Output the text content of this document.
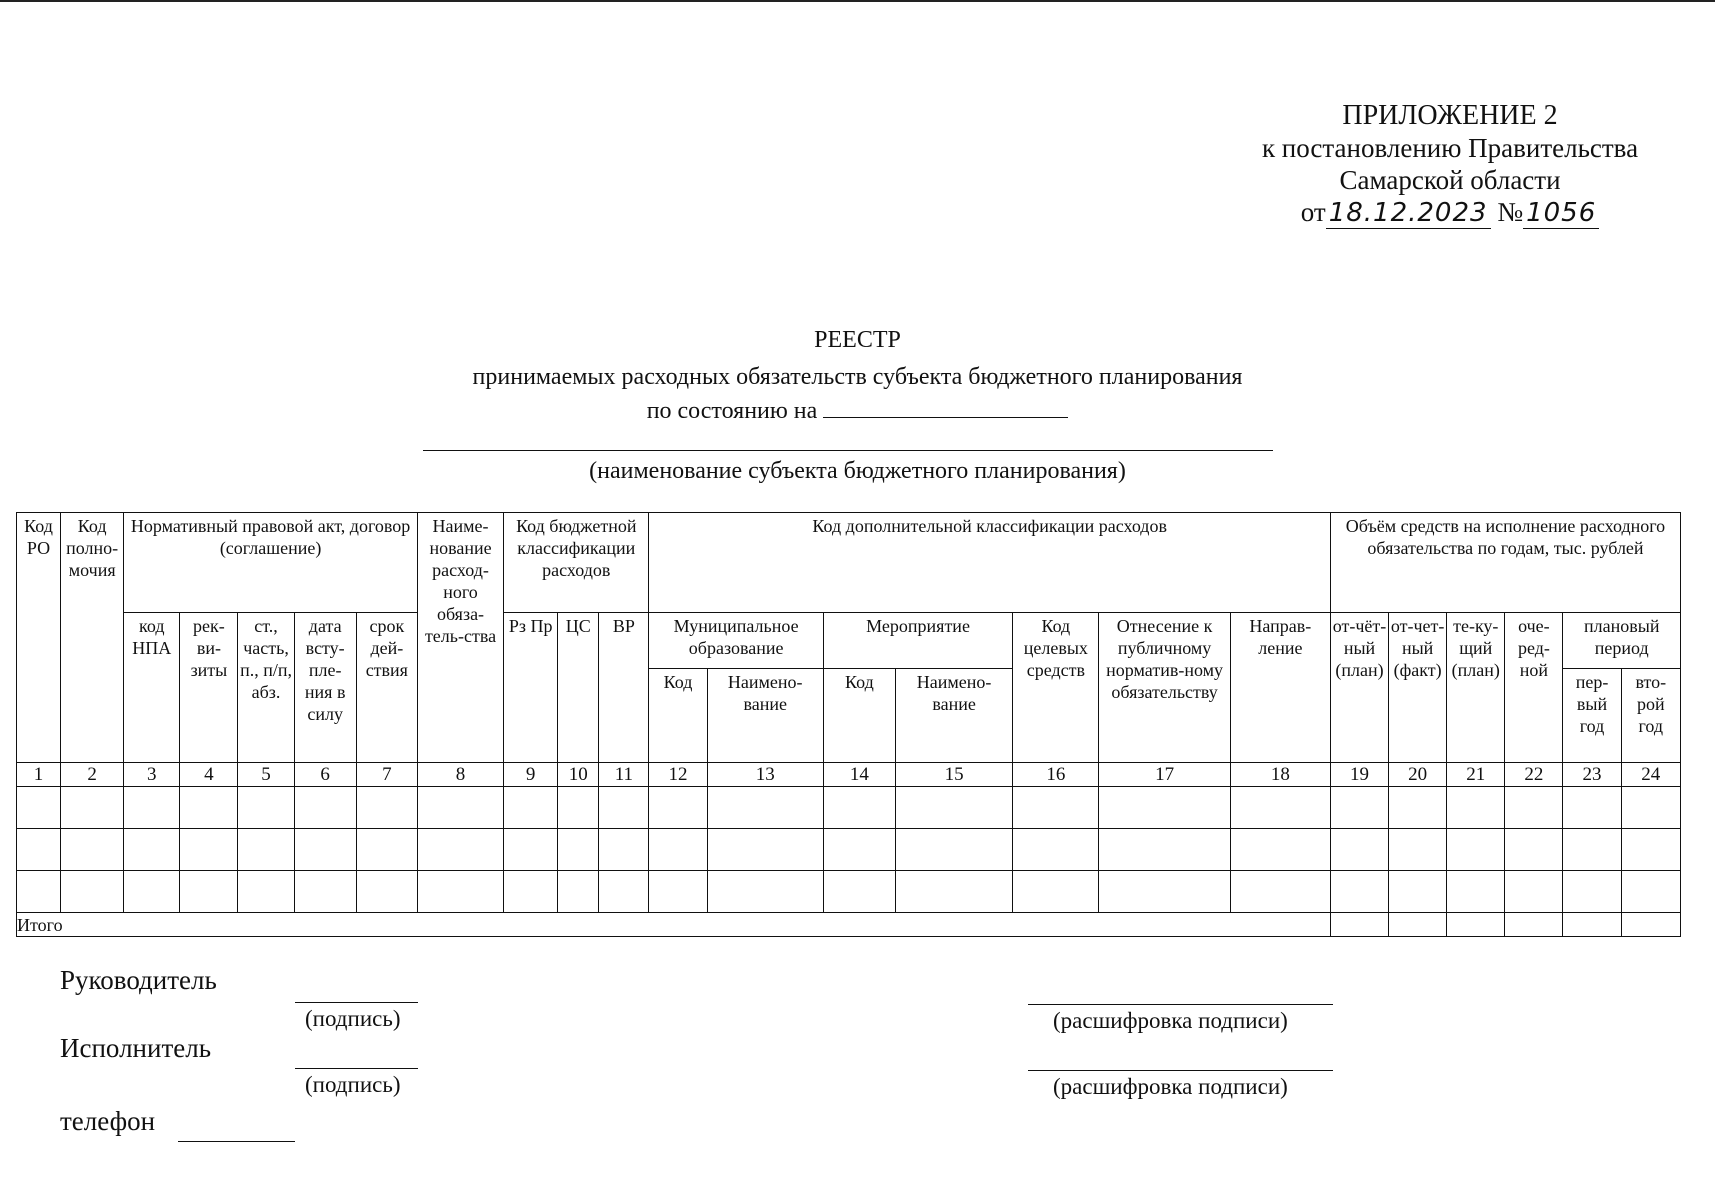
ПРИЛОЖЕНИЕ 2
к постановлению Правительства
Самарской области
от 18.12.2023 № 1056
РЕЕСТР
принимаемых расходных обязательств субъекта бюджетного планирования
по состоянию на
(наименование субъекта бюджетного планирования)
Код РО	Код полно-мочия	Нормативный правовой акт, договор (соглашение)					Наиме-нование расход-ного обяза-тель-ства	Код бюджетной классификации расходов			Код дополнительной классификации расходов							Объём средств на исполнение расходного обязательства по годам, тыс. рублей					
		код НПА	рек-ви-зиты	ст., часть, п., п/п, абз.	дата всту-пле-ния в силу	срок дей-ствия		Рз Пр	ЦС	ВР	Муниципальное образование		Мероприятие		Код целевых средств	Отнесение к публичному норматив-ному обязательству	Направ-ление	от-чёт-ный (план)	от-чет-ный (факт)	те-ку-щий (план)	оче-ред-ной	плановый период	
											Код	Наимено-вание	Код	Наимено-вание								пер-вый год	вто-рой год
1	2	3	4	5	6	7	8	9	10	11	12	13	14	15	16	17	18	19	20	21	22	23	24

Итого																							
Руководитель
(подпись)	(расшифровка подписи)
Исполнитель
(подпись)	(расшифровка подписи)
телефон
